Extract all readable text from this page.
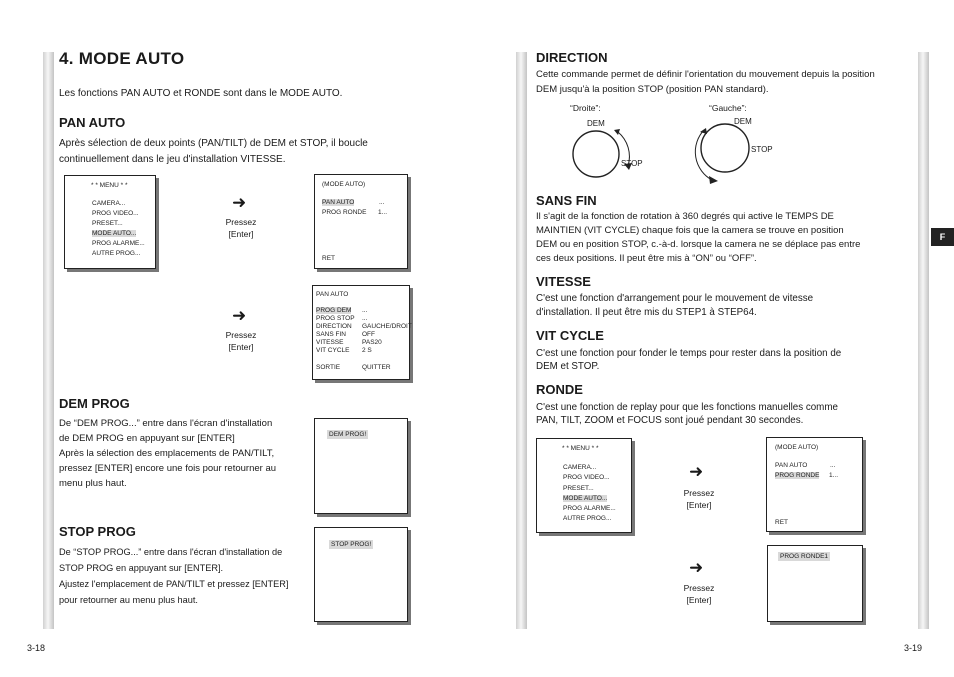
4. MODE AUTO
Les fonctions PAN AUTO et RONDE sont dans le MODE AUTO.
PAN AUTO
Après sélection de deux points (PAN/TILT) de DEM et STOP, il boucle
continuellement dans le jeu d'installation VITESSE.
* * MENU * *
CAMERA...
PROG VIDEO...
PRESET...
MODE AUTO...
PROG ALARME...
AUTRE PROG...
➜
Pressez
[Enter]
(MODE AUTO)
PAN AUTO	...
PROG RONDE 1...
RET
➜
Pressez
[Enter]
PAN AUTO
PROG DEM ...
PROG STOP ...
DIRECTION GAUCHE/DROIT
SANS FIN OFF
VITESSE	PAS20
VIT CYCLE 2 S
SORTIE	QUITTER
DEM PROG
De “DEM PROG...” entre dans l'écran d'installation
de DEM PROG en appuyant sur [ENTER]
Après la sélection des emplacements de PAN/TILT,
pressez [ENTER] encore une fois pour retourner au
menu plus haut.
DEM PROG!
STOP PROG
De “STOP PROG...” entre dans l'écran d'installation de
STOP PROG en appuyant sur [ENTER].
Ajustez l'emplacement de PAN/TILT et pressez [ENTER]
pour retourner au menu plus haut.
STOP PROG!
3-18
DIRECTION
Cette commande permet de définir l'orientation du mouvement depuis la position
DEM jusqu'à la position STOP (position PAN standard).
“Droite”:	“Gauche”:
DEM
STOP
DEM
STOP
SANS FIN
Il s'agit de la fonction de rotation à 360 degrés qui active le TEMPS DE
MAINTIEN (VIT CYCLE) chaque fois que la camera se trouve en position
DEM ou en position STOP, c.-à-d. lorsque la camera ne se déplace pas entre
ces deux positions. Il peut être mis à “ON” ou “OFF”.
VITESSE
C'est une fonction d'arrangement pour le mouvement de vitesse
d'installation. Il peut être mis du STEP1 à STEP64.
VIT CYCLE
C'est une fonction pour fonder le temps pour rester dans la position de
DEM et STOP.
RONDE
C'est une fonction de replay pour que les fonctions manuelles comme
PAN, TILT, ZOOM et FOCUS sont joué pendant 30 secondes.
* * MENU * *
CAMERA...
PROG VIDEO...
PRESET...
MODE AUTO...
PROG ALARME...
AUTRE PROG...
➜
Pressez
[Enter]
(MODE AUTO)
PAN AUTO	...
PROG RONDE 1...
RET
➜
Pressez
[Enter]
PROG RONDE1
F
3-19
